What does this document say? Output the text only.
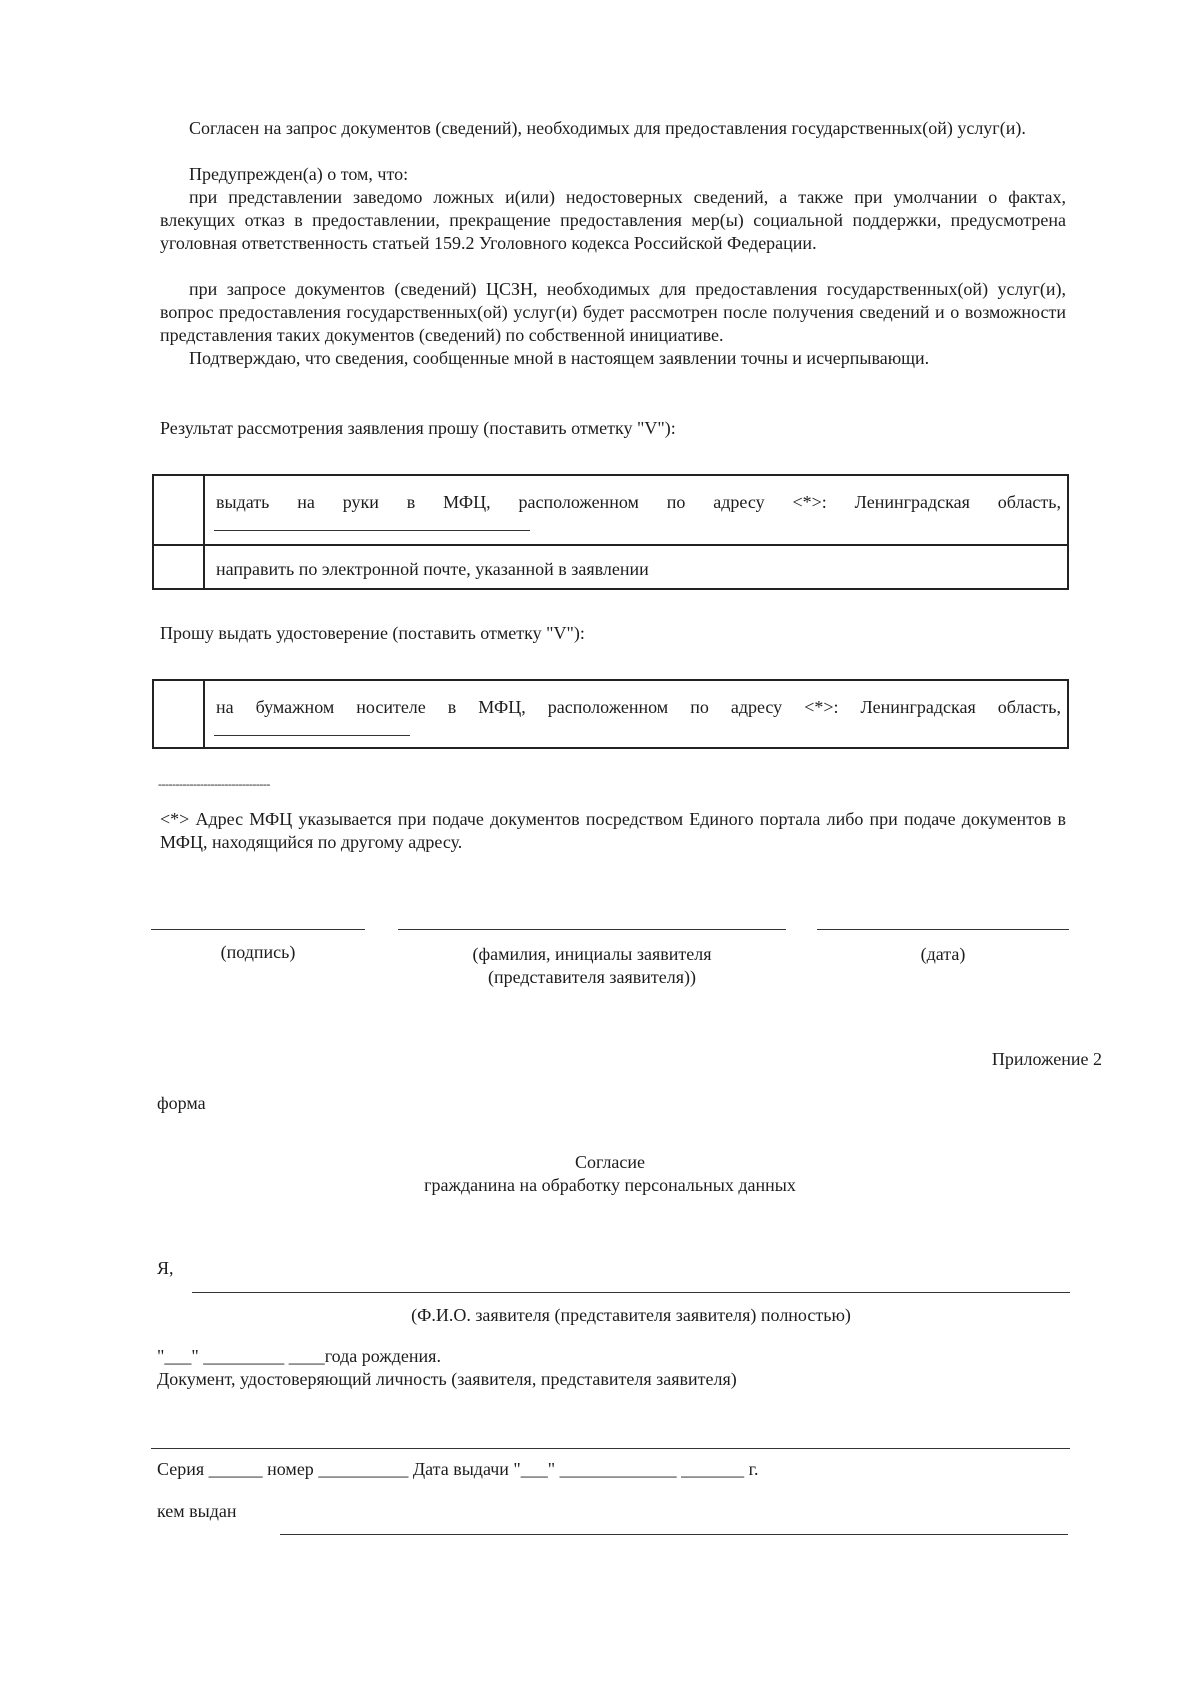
Согласен на запрос документов (сведений), необходимых для предоставления государственных(ой) услуг(и).

Предупрежден(а) о том, что:

при представлении заведомо ложных и(или) недостоверных сведений, а также при умолчании о фактах, влекущих отказ в предоставлении, прекращение предоставления мер(ы) социальной поддержки, предусмотрена уголовная ответственность статьей 159.2 Уголовного кодекса Российской Федерации.

при запросе документов (сведений) ЦСЗН, необходимых для предоставления государственных(ой) услуг(и), вопрос предоставления государственных(ой) услуг(и) будет рассмотрен после получения сведений и о возможности представления таких документов (сведений) по собственной инициативе.

Подтверждаю, что сведения, сообщенные мной в настоящем заявлении точны и исчерпывающи.

Результат рассмотрения заявления прошу (поставить отметку "V"):
выдать на руки в МФЦ, расположенном по адресу <*>: Ленинградская область,
направить по электронной почте, указанной в заявлении
Прошу выдать удостоверение (поставить отметку "V"):
на бумажном носителе в МФЦ, расположенном по адресу <*>: Ленинградская область,
--------------------------------

<*> Адрес МФЦ указывается при подаче документов посредством Единого портала либо при подаче документов в МФЦ, находящийся по другому адресу.

(подпись)	(фамилия, инициалы заявителя
(представителя заявителя))
(дата)
Приложение 2
форма
Согласие
гражданина на обработку персональных данных
Я,
(Ф.И.О. заявителя (представителя заявителя) полностью)
"___" _________ ____года рождения.
Документ, удостоверяющий личность (заявителя, представителя заявителя)
Серия ______ номер __________ Дата выдачи "___" _____________ _______ г.
кем выдан
